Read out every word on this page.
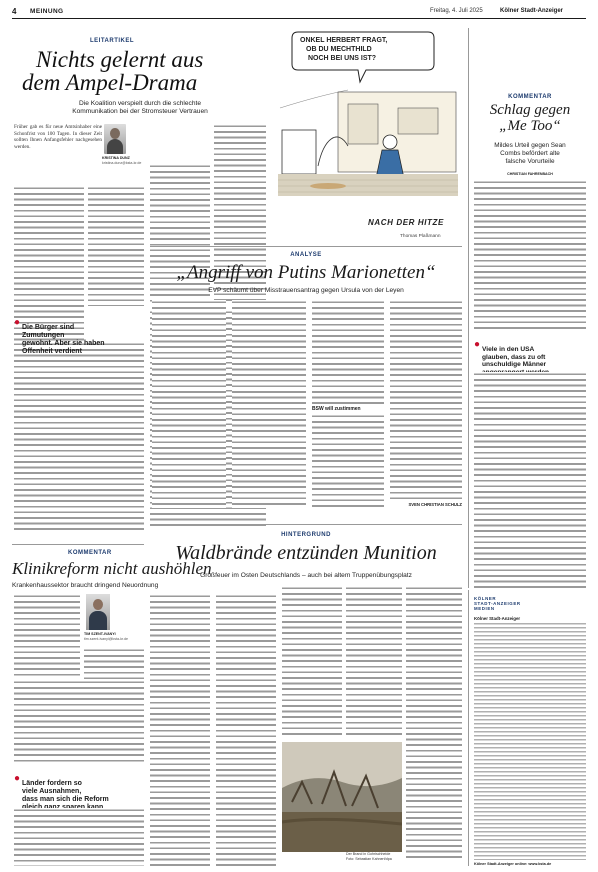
4 MEINUNG	Freitag, 4. Juli 2025	Kölner Stadt-Anzeiger
LEITARTIKEL
Nichts gelernt aus
dem Ampel-Drama
Die Koalition verspielt durch die schlechte
Kommunikation bei der Stromsteuer Vertrauen
Früher gab es für neue Amtsinhaber eine Schonfrist von 100 Tagen. In dieser Zeit sollten Ihnen Anfangsfehler nachgesehen werden.
KRISTINA DUNZ
kristina.dunz@ksta-kr.de
● Die Bürger sind
Zumutungen
gewohnt. Aber sie haben
Offenheit verdient
ONKEL HERBERT FRAGT,
OB DU MECHTHILD
NOCH BEI UNS IST?
NACH DER HITZE
Thomas Plaßmann
KOMMENTAR
Schlag gegen
„Me Too“
Mildes Urteil gegen Sean
Combs befördert alte
falsche Vorurteile
CHRISTIAN FAHRENBACH
● Viele in den USA
glauben, dass zu oft
unschuldige Männer
ANALYSE
„Angriff von Putins Marionetten“
EVP schäumt über Misstrauensantrag gegen Ursula von der Leyen
BSW will zustimmen
SVEN CHRISTIAN SCHULZ
KOMMENTAR
Klinikreform nicht aushöhlen
Krankenhaussektor braucht dringend Neuordnung
TIM SZENT-IVANYI
tim.szent-ivanyi@ksta-kr.de
● Länder fordern so
viele Ausnahmen,
dass man sich die Reform
HINTERGRUND
Waldbrände entzünden Munition
Großfeuer im Osten Deutschlands – auch bei altem Truppenübungsplatz
Der Brand in Gohrischheide
Foto: Sebastian Kahnert/dpa
KÖLNER
STADT-ANZEIGER
MEDIEN
Kölner Stadt-Anzeiger
Kölner Stadt-Anzeiger online: www.ksta.de
